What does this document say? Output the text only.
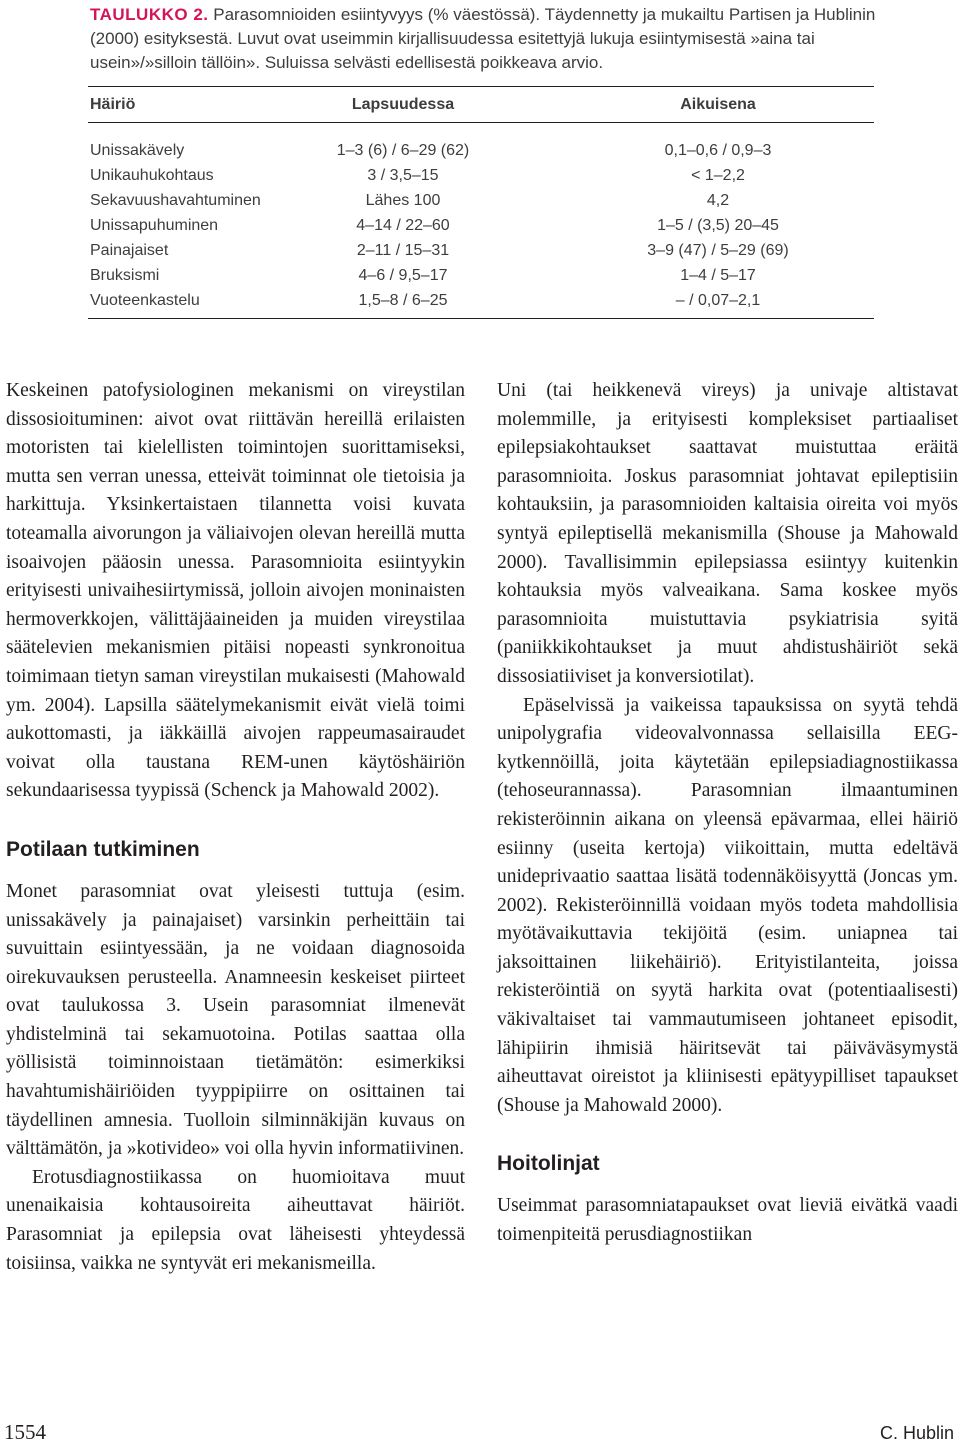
TAULUKKO 2. Parasomnioiden esiintyvyys (% väestössä). Täydennetty ja mukailtu Partisen ja Hublinin (2000) esityksestä. Luvut ovat useimmin kirjallisuudessa esitettyjä lukuja esiintymisestä »aina tai usein»/»silloin tällöin». Suluissa selvästi edellisestä poikkeava arvio.

Häiriö	Lapsuudessa	Aikuisena
Unissakävely	1–3 (6) / 6–29 (62)	0,1–0,6 / 0,9–3
Unikauhukohtaus	3 / 3,5–15	< 1–2,2
Sekavuushavahtuminen	Lähes 100	4,2
Unissapuhuminen	4–14 / 22–60	1–5 / (3,5) 20–45
Painajaiset	2–11 / 15–31	3–9 (47) / 5–29 (69)
Bruksismi	4–6 / 9,5–17	1–4 / 5–17
Vuoteenkastelu	1,5–8 / 6–25	– / 0,07–2,1

Keskeinen patofysiologinen mekanismi on vireystilan dissosioituminen: aivot ovat riittävän hereillä erilaisten motoristen tai kielellisten toimintojen suorittamiseksi, mutta sen verran unessa, etteivät toiminnat ole tietoisia ja harkittuja. Yksinkertaistaen tilannetta voisi kuvata toteamalla aivorungon ja väliaivojen olevan hereillä mutta isoaivojen pääosin unessa. Parasomnioita esiintyykin erityisesti univaihesiirtymissä, jolloin aivojen moninaisten hermoverkkojen, välittäjäaineiden ja muiden vireystilaa säätelevien mekanismien pitäisi nopeasti synkronoitua toimimaan tietyn saman vireystilan mukaisesti (Mahowald ym. 2004). Lapsilla säätelymekanismit eivät vielä toimi aukottomasti, ja iäkkäillä aivojen rappeumasairaudet voivat olla taustana REM-unen käytöshäiriön sekundaarisessa tyypissä (Schenck ja Mahowald 2002).

Potilaan tutkiminen

Monet parasomniat ovat yleisesti tuttuja (esim. unissakävely ja painajaiset) varsinkin perheittäin tai suvuittain esiintyessään, ja ne voidaan diagnosoida oirekuvauksen perusteella. Anamneesin keskeiset piirteet ovat taulukossa 3. Usein parasomniat ilmenevät yhdistelminä tai sekamuotoina. Potilas saattaa olla yöllisistä toiminnoistaan tietämätön: esimerkiksi havahtumishäiriöiden tyyppipiirre on osittainen tai täydellinen amnesia. Tuolloin silminnäkijän kuvaus on välttämätön, ja »kotivideo» voi olla hyvin informatiivinen.

Erotusdiagnostiikassa on huomioitava muut unenaikaisia kohtausoireita aiheuttavat häiriöt. Parasomniat ja epilepsia ovat läheisesti yhteydessä toisiinsa, vaikka ne syntyvät eri mekanismeilla.

Uni (tai heikkenevä vireys) ja univaje altistavat molemmille, ja erityisesti kompleksiset partiaaliset epilepsiakohtaukset saattavat muistuttaa eräitä parasomnioita. Joskus parasomniat johtavat epileptisiin kohtauksiin, ja parasomnioiden kaltaisia oireita voi myös syntyä epileptisellä mekanismilla (Shouse ja Mahowald 2000). Tavallisimmin epilepsiassa esiintyy kuitenkin kohtauksia myös valveaikana. Sama koskee myös parasomnioita muistuttavia psykiatrisia syitä (paniikkikohtaukset ja muut ahdistushäiriöt sekä dissosiatiiviset ja konversiotilat).

Epäselvissä ja vaikeissa tapauksissa on syytä tehdä unipolygrafia videovalvonnassa sellaisilla EEG-kytkennöillä, joita käytetään epilepsiadiagnostiikassa (tehoseurannassa). Parasomnian ilmaantuminen rekisteröinnin aikana on yleensä epävarmaa, ellei häiriö esiinny (useita kertoja) viikoittain, mutta edeltävä unideprivaatio saattaa lisätä todennäköisyyttä (Joncas ym. 2002). Rekisteröinnillä voidaan myös todeta mahdollisia myötävaikuttavia tekijöitä (esim. uniapnea tai jaksoittainen liikehäiriö). Erityistilanteita, joissa rekisteröintiä on syytä harkita ovat (potentiaalisesti) väkivaltaiset tai vammautumiseen johtaneet episodit, lähipiirin ihmisiä häiritsevät tai päiväväsymystä aiheuttavat oireistot ja kliinisesti epätyypilliset tapaukset (Shouse ja Mahowald 2000).

Hoitolinjat

Useimmat parasomniatapaukset ovat lieviä eivätkä vaadi toimenpiteitä perusdiagnostiikan

1554	C. Hublin
